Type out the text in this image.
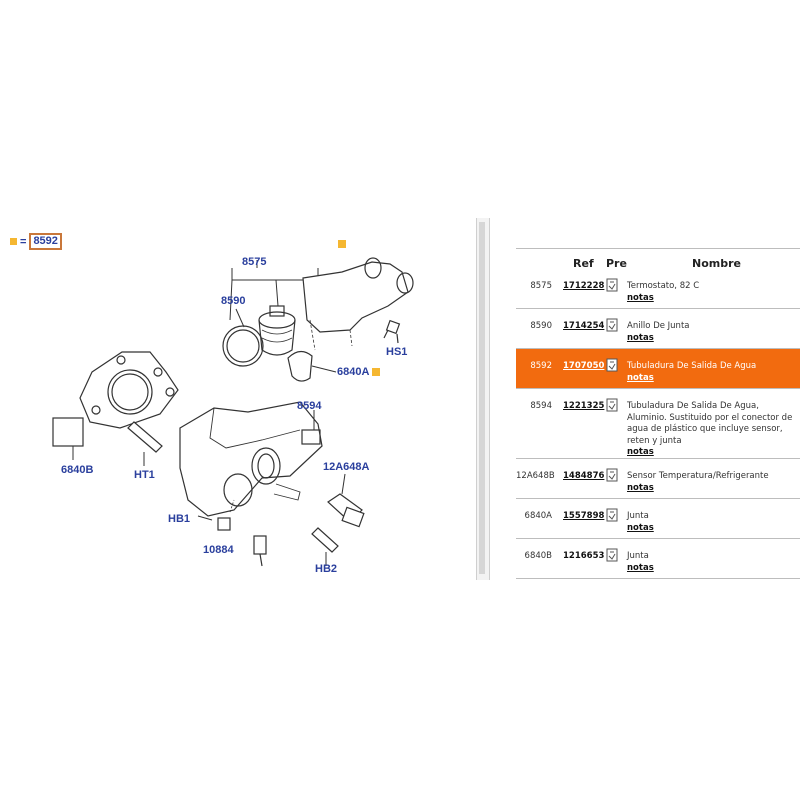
= 8592
8575
8590
HS1
6840A
8594
6840B	HT1
12A648A
HB1
10884
HB2
Ref Pre	Nombre
8575 1712228	Termostato, 82 C
notas
8590 1714254	Anillo De Junta
notas
8592 1707050	Tubuladura De Salida De Agua
notas
8594 1221325	Tubuladura De Salida De Agua, Aluminio. Sustituido por el conector de agua de plástico que incluye sensor, reten y junta
notas
12A648B 1484876	Sensor Temperatura/Refrigerante
notas
6840A 1557898	Junta
notas
6840B 1216653	Junta
notas
